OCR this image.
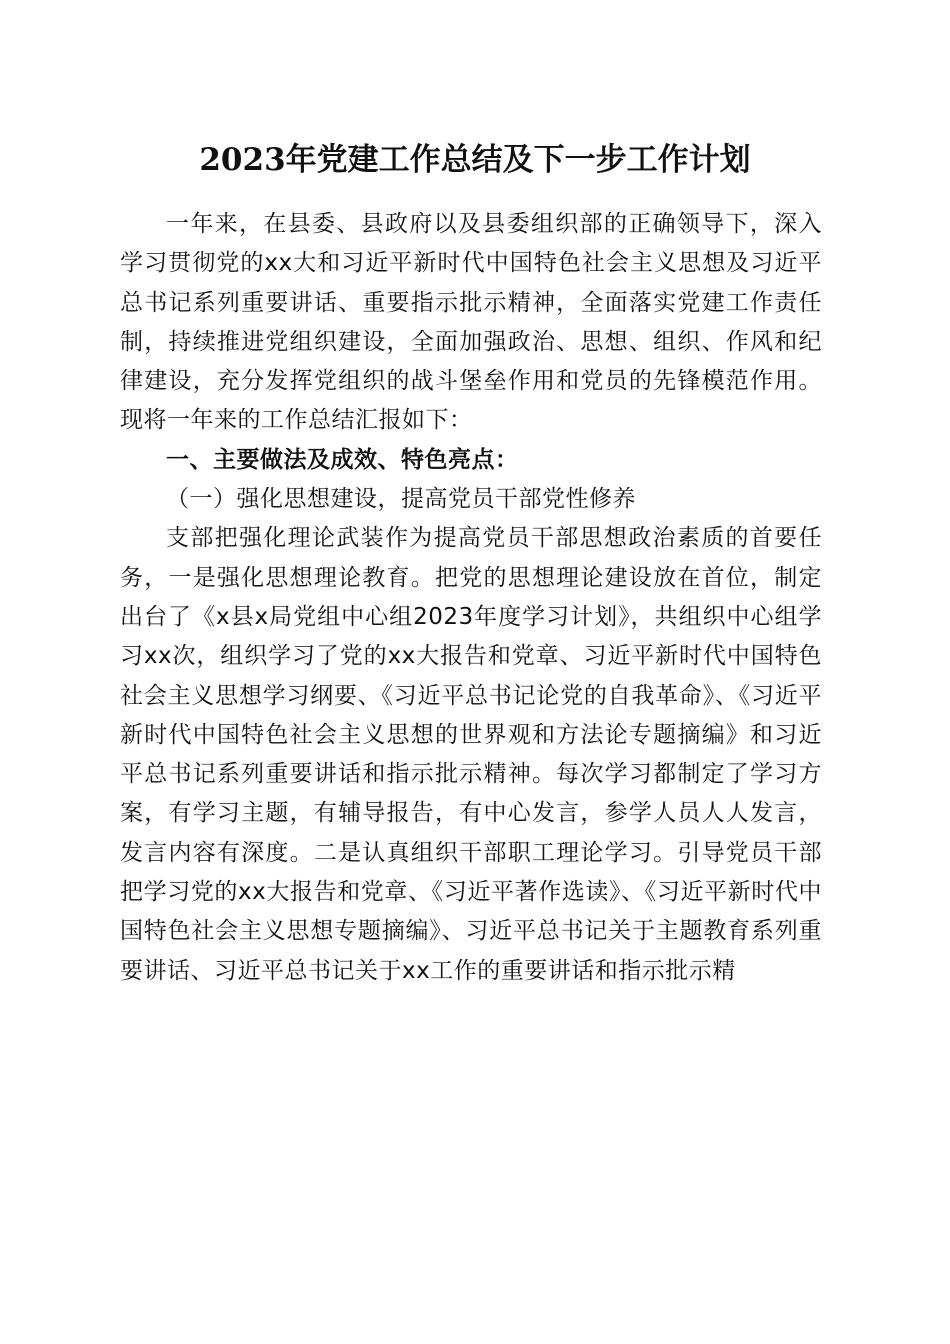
2023年党建工作总结及下一步工作计划

一年来，在县委、县政府以及县委组织部的正确领导下，深入学习贯彻党的xx大和习近平新时代中国特色社会主义思想及习近平总书记系列重要讲话、重要指示批示精神，全面落实党建工作责任制，持续推进党组织建设，全面加强政治、思想、组织、作风和纪律建设，充分发挥党组织的战斗堡垒作用和党员的先锋模范作用。现将一年来的工作总结汇报如下：

一、主要做法及成效、特色亮点：

（一）强化思想建设，提高党员干部党性修养

支部把强化理论武装作为提高党员干部思想政治素质的首要任务，一是强化思想理论教育。把党的思想理论建设放在首位，制定出台了《x县x局党组中心组2023年度学习计划》，共组织中心组学习xx次，组织学习了党的xx大报告和党章、习近平新时代中国特色社会主义思想学习纲要、《习近平总书记论党的自我革命》、《习近平新时代中国特色社会主义思想的世界观和方法论专题摘编》和习近平总书记系列重要讲话和指示批示精神。每次学习都制定了学习方案，有学习主题，有辅导报告，有中心发言，参学人员人人发言，发言内容有深度。二是认真组织干部职工理论学习。引导党员干部把学习党的xx大报告和党章、《习近平著作选读》、《习近平新时代中国特色社会主义思想专题摘编》、习近平总书记关于主题教育系列重要讲话、习近平总书记关于xx工作的重要讲话和指示批示精
